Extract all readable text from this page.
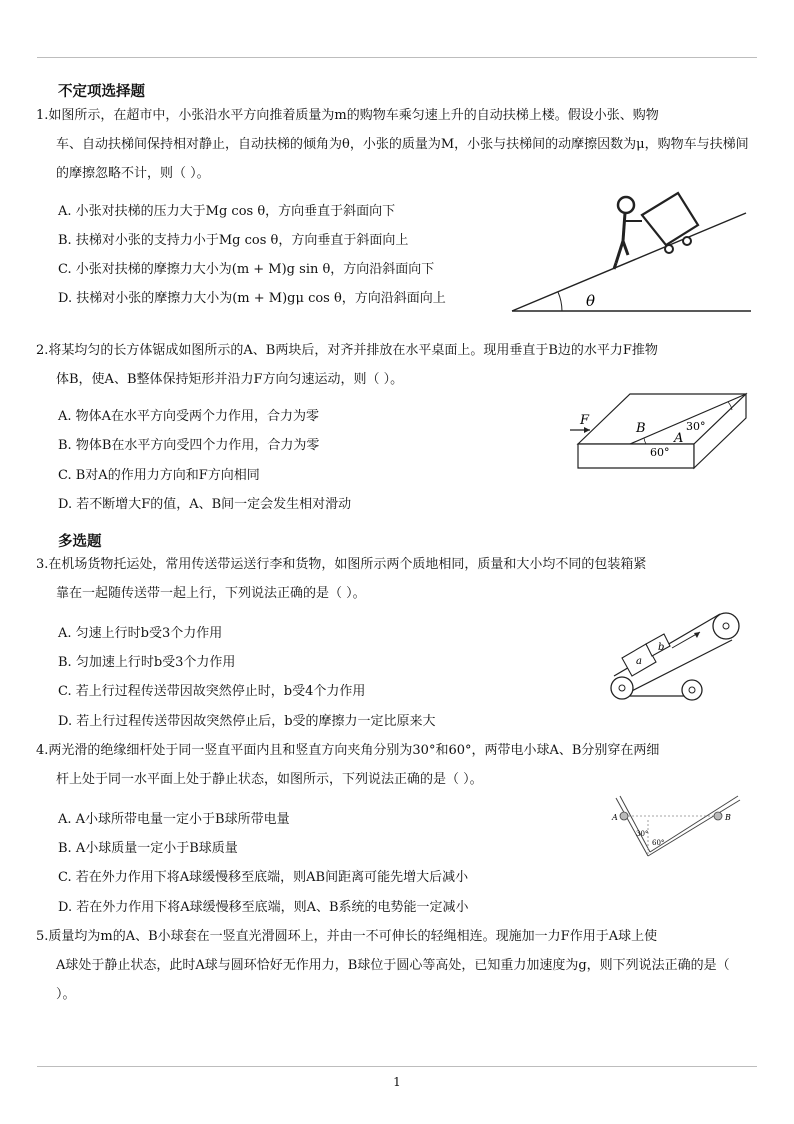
不定项选择题
1.如图所示，在超市中，小张沿水平方向推着质量为m的购物车乘匀速上升的自动扶梯上楼。假设小张、购物
车、自动扶梯间保持相对静止，自动扶梯的倾角为θ，小张的质量为M，小张与扶梯间的动摩擦因数为μ，购物车与扶梯间的摩擦忽略不计，则（ ）。
A. 小张对扶梯的压力大于Mg cos θ，方向垂直于斜面向下
B. 扶梯对小张的支持力小于Mg cos θ，方向垂直于斜面向上
C. 小张对扶梯的摩擦力大小为(m + M)g sin θ，方向沿斜面向下
D. 扶梯对小张的摩擦力大小为(m + M)gμ cos θ，方向沿斜面向上	θ
2.将某均匀的长方体锯成如图所示的A、B两块后，对齐并排放在水平桌面上。现用垂直于B边的水平力F推物
体B，使A、B整体保持矩形并沿力F方向匀速运动，则（ ）。
A. 物体A在水平方向受两个力作用，合力为零
B. 物体B在水平方向受四个力作用，合力为零
C. B对A的作用力方向和F方向相同
D. 若不断增大F的值，A、B间一定会发生相对滑动
F
B
A
30°
60°
多选题
3.在机场货物托运处，常用传送带运送行李和货物，如图所示两个质地相同，质量和大小均不同的包装箱紧
靠在一起随传送带一起上行，下列说法正确的是（ ）。
A. 匀速上行时b受3个力作用
B. 匀加速上行时b受3个力作用
C. 若上行过程传送带因故突然停止时，b受4个力作用
D. 若上行过程传送带因故突然停止后，b受的摩擦力一定比原来大
a
b
4.两光滑的绝缘细杆处于同一竖直平面内且和竖直方向夹角分别为30°和60°，两带电小球A、B分别穿在两细
杆上处于同一水平面上处于静止状态，如图所示，下列说法正确的是（ ）。
A. A小球所带电量一定小于B球所带电量
B. A小球质量一定小于B球质量
C. 若在外力作用下将A球缓慢移至底端，则AB间距离可能先增大后减小
D. 若在外力作用下将A球缓慢移至底端，则A、B系统的电势能一定减小
A	B
30°
60°
5.质量均为m的A、B小球套在一竖直光滑圆环上，并由一不可伸长的轻绳相连。现施加一力F作用于A球上使
A球处于静止状态，此时A球与圆环恰好无作用力，B球位于圆心等高处，已知重力加速度为g，则下列说法正确的是（ ）。
1
